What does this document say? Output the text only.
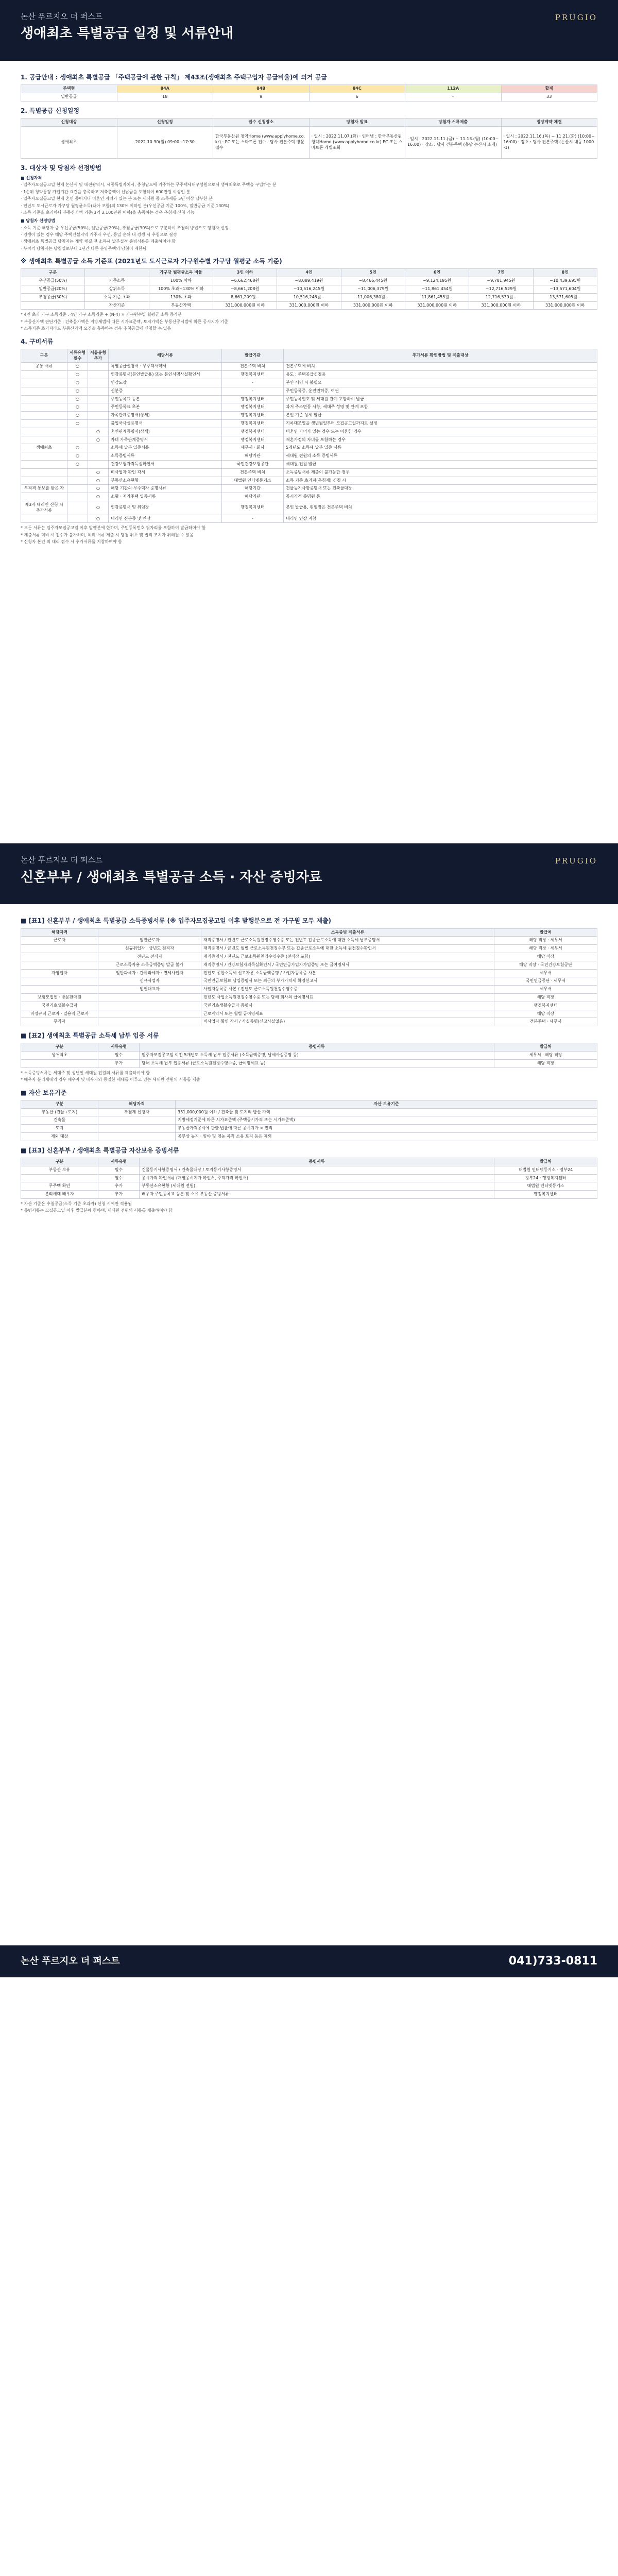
논산 푸르지오 더 퍼스트
생애최초 특별공급 일정 및 서류안내
PRUGIO
1. 공급안내 : 생애최초 특별공급 「주택공급에 관한 규칙」 제43조(생애최초 주택구입자 공급비율)에 의거 공급
주택형	84A	84B	84C	112A	합계
일반공급	18	9	6	-	33
2. 특별공급 신청일정
신청대상	신청일정	접수 신청장소	당첨자 발표	당첨자 서류제출	정당계약 체결
생애최초	2022.10.30(월) 09:00~17:30	한국부동산원 청약Home (www.applyhome.co.kr) · PC 또는 스마트폰 접수 · 당사 견본주택 방문 접수	· 일시 : 2022.11.07.(화) · 인터넷 : 한국부동산원 청약Home (www.applyhome.co.kr) PC 또는 스마트폰 개별조회	· 일시 : 2022.11.11.(금) ~ 11.13.(월) (10:00~16:00) · 장소 : 당사 견본주택 (충남 논산시 소재)	· 일시 : 2022.11.16.(목) ~ 11.21.(화) (10:00~16:00) · 장소 : 당사 견본주택 (논산시 내동 1000-1)
3. 대상자 및 당첨자 선정방법

■ 신청자격

· 입주자모집공고일 현재 논산시 및 대전광역시, 세종특별자치시, 충청남도에 거주하는 무주택세대구성원으로서 생애최초로 주택을 구입하는 분

· 1순위 청약통장 가입기간 요건을 충족하고 저축총액이 선납금을 포함하여 600만원 이상인 분

· 입주자모집공고일 현재 혼인 중이거나 미혼인 자녀가 있는 분 또는 세대원 중 소득세를 5년 이상 납부한 분

· 전년도 도시근로자 가구당 월평균소득(태아 포함)의 130% 이하인 분(우선공급 기준 100%, 일반공급 기준 130%)

· 소득 기준을 초과하나 부동산가액 기준(3억 3,100만원 이하)을 충족하는 경우 추첨제 신청 가능

■ 당첨자 선정방법

· 소득 기준 해당자 중 우선공급(50%), 일반공급(20%), 추첨공급(30%)으로 구분하여 추첨의 방법으로 당첨자 선정

· 경쟁이 있는 경우 해당 주택건설지역 거주자 우선, 동일 순위 내 경쟁 시 추첨으로 결정

· 생애최초 특별공급 당첨자는 계약 체결 전 소득세 납부실적 증빙서류를 제출하여야 함

· 부적격 당첨자는 당첨일로부터 1년간 다른 분양주택의 당첨이 제한됨

※ 생애최초 특별공급 소득 기준표 (2021년도 도시근로자 가구원수별 가구당 월평균 소득 기준)
구분		가구당 월평균소득 비율	3인 이하	4인	5인	6인	7인	8인
우선공급(50%)	기준소득	100% 이하	~6,662,468원	~8,089,419원	~8,466,445원	~9,124,195원	~9,781,945원	~10,439,695원
일반공급(20%)	상위소득	100% 초과~130% 이하	~8,661,208원	~10,516,245원	~11,006,379원	~11,861,454원	~12,716,529원	~13,571,604원
추첨공급(30%)	소득 기준 초과	130% 초과	8,661,209원~	10,516,246원~	11,006,380원~	11,861,455원~	12,716,530원~	13,571,605원~
	자산기준	부동산가액	331,000,000원 이하	331,000,000원 이하	331,000,000원 이하	331,000,000원 이하	331,000,000원 이하	331,000,000원 이하

* 4인 초과 가구 소득기준 : 4인 가구 소득기준 + (N-4) × 가구원수별 월평균 소득 증가분

* 부동산가액 판단기준 : 건축물가액은 지방세법에 따른 시가표준액, 토지가액은 부동산공시법에 따른 공시지가 기준

* 소득기준 초과자라도 부동산가액 요건을 충족하는 경우 추첨공급에 신청할 수 있음

4. 구비서류
구분	서류유형 필수	서류유형 추가	해당서류	발급기관	추가서류 확인방법 및 제출대상
공통 서류	○		특별공급신청서 · 무주택서약서	견본주택 비치	견본주택에 비치
	○		인감증명서(본인발급용) 또는 본인서명사실확인서	행정복지센터	용도 : 주택공급신청용
	○		인감도장	-	본인 서명 시 불필요
	○		신분증	-	주민등록증, 운전면허증, 여권
	○		주민등록표 등본	행정복지센터	주민등록번호 및 세대원 관계 포함하여 발급
	○		주민등록표 초본	행정복지센터	과거 주소변동 사항, 세대주 성명 및 관계 포함
	○		가족관계증명서(상세)	행정복지센터	본인 기준 상세 발급
	○		출입국사실증명서	행정복지센터	기록대조일을 생년월일부터 모집공고일까지로 설정
		○	혼인관계증명서(상세)	행정복지센터	미혼인 자녀가 있는 경우 또는 이혼한 경우
		○	자녀 가족관계증명서	행정복지센터	재혼가정의 자녀를 포함하는 경우
생애최초	○		소득세 납부 입증서류	세무서 · 회사	5개년도 소득세 납부 입증 서류
	○		소득증빙서류	해당기관	세대원 전원의 소득 증빙서류
	○		건강보험자격득실확인서	국민건강보험공단	세대원 전원 발급
		○	비사업자 확인 각서	견본주택 비치	소득증빙서류 제출이 불가능한 경우
		○	부동산소유현황	대법원 인터넷등기소	소득 기준 초과자(추첨제) 신청 시
부적격 통보를 받은 자		○	해당 기관의 무주택자 증명서류	해당기관	건물등기사항증명서 또는 건축물대장
		○	소형 · 저가주택 입증서류	해당기관	공시가격 증명원 등
제3자 대리인 신청 시 추가서류		○	인감증명서 및 위임장	행정복지센터	본인 발급용, 위임장은 견본주택 비치
		○	대리인 신분증 및 인장	-	대리인 인장 지참

* 모든 서류는 입주자모집공고일 이후 발행분에 한하며, 주민등록번호 뒷자리를 포함하여 발급하여야 함

* 제출서류 미비 시 접수가 불가하며, 허위 서류 제출 시 당첨 취소 및 법적 조치가 취해질 수 있음

* 신청자 본인 외 대리 접수 시 추가서류를 지참하여야 함

논산 푸르지오 더 퍼스트
신혼부부 / 생애최초 특별공급 소득 · 자산 증빙자료
PRUGIO
■ [표1] 신혼부부 / 생애최초 특별공급 소득증빙서류 (※ 입주자모집공고일 이후 발행분으로 전 가구원 모두 제출)
해당자격		소득증빙 제출서류	발급처
근로자	일반근로자	재직증명서 / 전년도 근로소득원천징수영수증 또는 전년도 갑종근로소득에 대한 소득세 납부증명서	해당 직장 · 세무서
	신규취업자 · 금년도 전직자	재직증명서 / 금년도 월별 근로소득원천징수부 또는 갑종근로소득에 대한 소득세 원천징수확인서	해당 직장 · 세무서
	전년도 전직자	재직증명서 / 전년도 근로소득원천징수영수증 (전직장 포함)	해당 직장
	근로소득자용 소득금액증명 발급 불가	재직증명서 / 건강보험자격득실확인서 / 국민연금가입자가입증명 또는 급여명세서	해당 직장 · 국민건강보험공단
자영업자	일반과세자 · 간이과세자 · 면세사업자	전년도 종합소득세 신고자용 소득금액증명 / 사업자등록증 사본	세무서
	신규사업자	국민연금보험료 납입증명서 또는 최근의 부가가치세 확정신고서	국민연금공단 · 세무서
	법인대표자	사업자등록증 사본 / 전년도 근로소득원천징수영수증	세무서
보험모집인 · 방문판매원		전년도 사업소득원천징수영수증 또는 당해 회사의 급여명세표	해당 직장
국민기초생활수급자		국민기초생활수급자 증명서	행정복지센터
비정규직 근로자 · 일용직 근로자		근로계약서 또는 월별 급여명세표	해당 직장
무직자		비사업자 확인 각서 / 사실증명(신고사실없음)	견본주택 · 세무서
■ [표2] 생애최초 특별공급 소득세 납부 입증 서류
구분	서류유형	증빙서류	발급처
생애최초	필수	입주자모집공고일 이전 5개년도 소득세 납부 입증서류 (소득금액증명, 납세사실증명 등)	세무서 · 해당 직장
	추가	당해 소득세 납부 입증서류 (근로소득원천징수영수증, 급여명세표 등)	해당 직장

* 소득증빙서류는 세대주 및 성년인 세대원 전원의 서류를 제출하여야 함

* 배우자 분리세대의 경우 배우자 및 배우자와 동일한 세대를 이루고 있는 세대원 전원의 서류를 제출

■ 자산 보유기준
구분	해당자격	자산 보유기준
부동산 (건물+토지)	추첨제 신청자	331,000,000원 이하 / 건축물 및 토지의 합산 가액
건축물		지방세정기준에 따른 시가표준액 (주택공시가격 또는 시가표준액)
토지		부동산가격공시에 관한 법률에 따른 공시지가 × 면적
제외 대상		공부상 농지 · 임야 및 영농 목적 소유 토지 등은 제외
■ [표3] 신혼부부 / 생애최초 특별공급 자산보유 증빙서류
구분	서류유형	증빙서류	발급처
부동산 보유	필수	건물등기사항증명서 / 건축물대장 / 토지등기사항증명서	대법원 인터넷등기소 · 정부24
	필수	공시가격 확인서류 (개별공시지가 확인서, 주택가격 확인서)	정부24 · 행정복지센터
무주택 확인	추가	부동산소유현황 (세대원 전원)	대법원 인터넷등기소
분리세대 배우자	추가	배우자 주민등록표 등본 및 소유 부동산 증빙서류	행정복지센터

* 자산 기준은 추첨공급(소득 기준 초과자) 신청 시에만 적용됨

* 증빙서류는 모집공고일 이후 발급분에 한하며, 세대원 전원의 서류를 제출하여야 함

논산 푸르지오 더 퍼스트	041)733-0811
